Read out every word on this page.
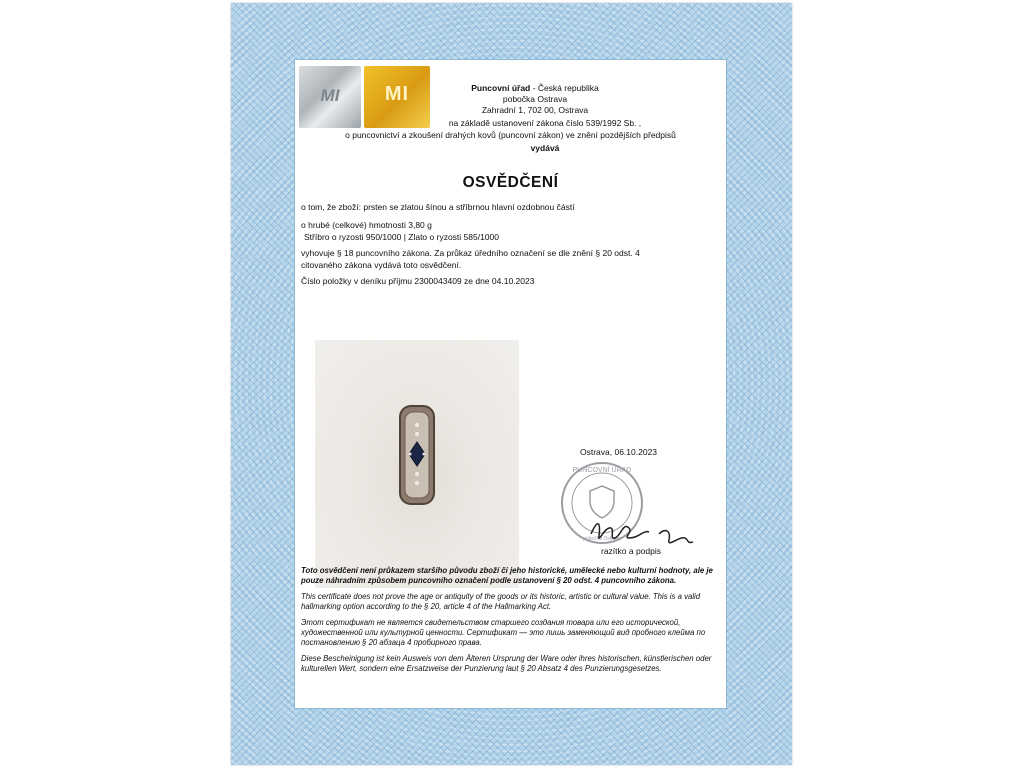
MI	MI	Puncovní úřad - Česká republika
pobočka Ostrava
Zahradní 1, 702 00, Ostrava
na základě ustanovení zákona číslo 539/1992 Sb. ,
o puncovnictví a zkoušení drahých kovů (puncovní zákon) ve znění pozdějších předpisů
vydává
OSVĚDČENÍ
o tom, že zboží: prsten se zlatou šínou a stříbrnou hlavní ozdobnou částí
o hrubé (celkové) hmotnosti 3,80 g
Stříbro o ryzosti 950/1000 | Zlato o ryzosti 585/1000
vyhovuje § 18 puncovního zákona. Za průkaz úředního označení se dle znění § 20 odst. 4
citovaného zákona vydává toto osvědčení.
Číslo položky v deníku příjmu 2300043409 ze dne 04.10.2023
Ostrava, 06.10.2023
PUNCOVNÍ ÚŘAD
pobočka Ostrava
razítko a podpis
Toto osvědčení není průkazem staršího původu zboží či jeho historické, umělecké nebo kulturní hodnoty, ale je pouze náhradním způsobem puncovního označení podle ustanovení § 20 odst. 4 puncovního zákona.
This certificate does not prove the age or antiquity of the goods or its historic, artistic or cultural value. This is a valid hallmarking option according to the § 20, article 4 of the Hallmarking Act.
Этот сертификат не является свидетельством старшего создания товара или его исторической, художественной или культурной ценности. Сертификат — это лишь заменяющий вид пробного клейма по постановлению § 20 абзаца 4 пробирного права.
Diese Bescheinigung ist kein Ausweis von dem Älteren Ursprung der Ware oder ihres historischen, künstlerischen oder kulturellen Wert, sondern eine Ersatzweise der Punzierung laut § 20 Absatz 4 des Punzierungsgesetzes.
